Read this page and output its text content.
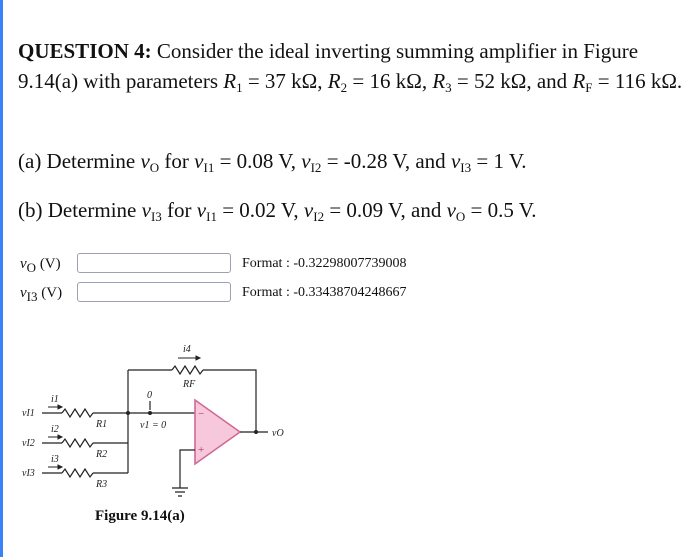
QUESTION 4: Consider the ideal inverting summing amplifier in Figure 9.14(a) with parameters $R_1 = 37$ kΩ, $R_2 = 16$ kΩ, $R_3 = 52$ kΩ, and $R_F = 116$ kΩ.
(a) Determine $v_O$ for $v_{I1} = 0.08$ V, $v_{I2} = -0.28$ V, and $v_{I3} = 1$ V.
(b) Determine $v_{I3}$ for $v_{I1} = 0.02$ V, $v_{I2} = 0.09$ V, and $v_O = 0.5$ V.
$v_O$ (V)	Format : -0.32298007739008
$v_{I3}$ (V)	Format : -0.33438704248667
vI1
vI2
vI3
i1
i2
i3
i4
R1
R2
R3
RF
0
v1 = 0
vO
−
+
Figure 9.14(a)
